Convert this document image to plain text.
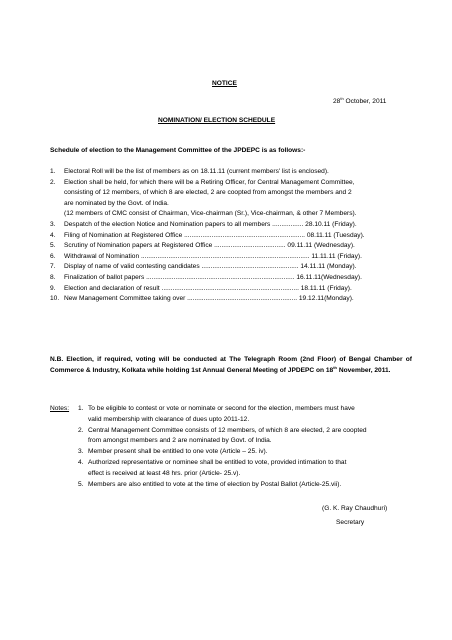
NOTICE
28th October, 2011
NOMINATION/ ELECTION SCHEDULE
Schedule of election to the Management Committee of the JPDEPC is as follows:-
1.	Electoral Roll will be the list of members as on 18.11.11 (current members' list is enclosed).
2.	Election shall be held, for which there will be a Retiring Officer, for Central Management Committee,
consisting of 12 members, of which 8 are elected, 2 are coopted from amongst the members and 2
are nominated by the Govt. of India.
(12 members of CMC consist of Chairman, Vice-chairman (Sr.), Vice-chairman, & other 7 Members).
3.	Despatch of the election Notice and Nomination papers to all members ................. 28.10.11 (Friday).
4.	Filing of Nomination at Registered Office .................................................................. 08.11.11 (Tuesday).
5.	Scrutiny of Nomination papers at Registered Office ....................................... 09.11.11 (Wednesday).
6.	Withdrawal of Nomination ............................................................................................ 11.11.11 (Friday).
7.	Display of name of valid contesting candidates ..................................................... 14.11.11 (Monday).
8.	Finalization of ballot papers ................................................................................. 16.11.11(Wednesday).
9.	Election and declaration of result ........................................................................... 18.11.11 (Friday).
10. New Management Committee taking over ............................................................ 19.12.11(Monday).
N.B. Election, if required, voting will be conducted at The Telegraph Room (2nd Floor) of Bengal Chamber of Commerce & Industry, Kolkata while holding 1st Annual General Meeting of JPDEPC on 18th November, 2011.
Notes:	1. To be eligible to contest or vote or nominate or second for the election, members must have
valid membership with clearance of dues upto 2011-12.
2. Central Management Committee consists of 12 members, of which 8 are elected, 2 are coopted
from amongst members and 2 are nominated by Govt. of India.
3. Member present shall be entitled to one vote (Article – 25. iv).
4. Authorized representative or nominee shall be entitled to vote, provided intimation to that
effect is received at least 48 hrs. prior (Article- 25.v).
5. Members are also entitled to vote at the time of election by Postal Ballot (Article-25.vii).
(G. K. Ray Chaudhuri)
Secretary
